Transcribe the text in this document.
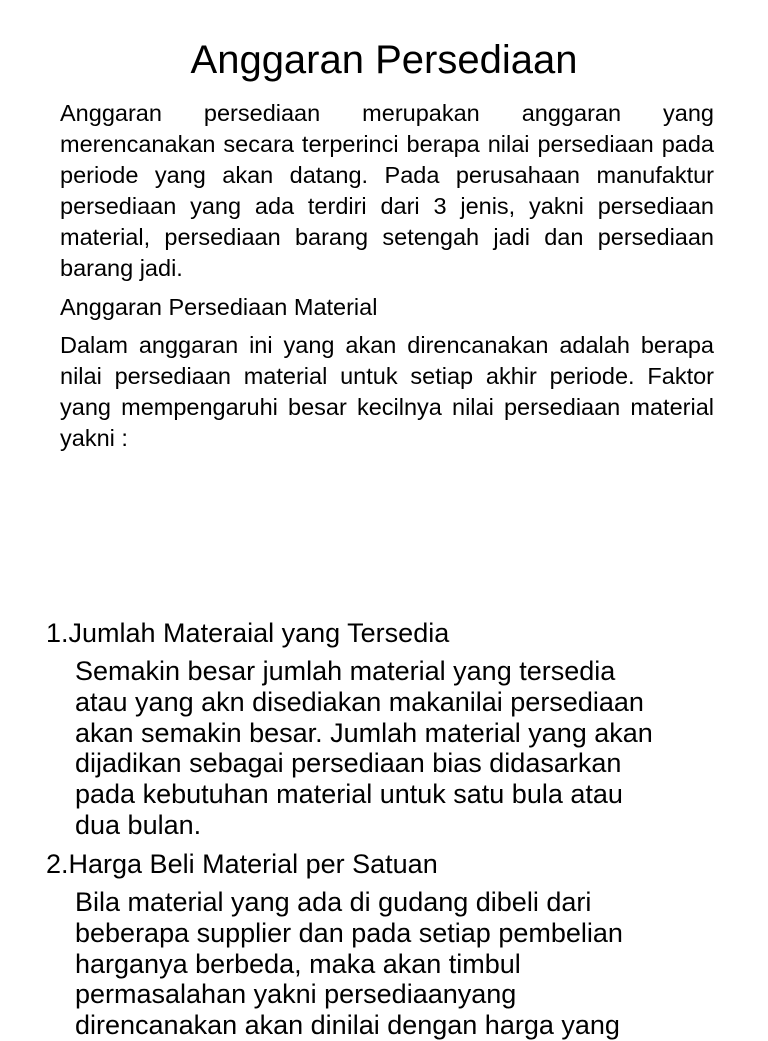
Anggaran Persediaan
Anggaran persediaan merupakan anggaran yang merencanakan secara terperinci berapa nilai persediaan pada periode yang akan datang. Pada perusahaan manufaktur persediaan yang ada terdiri dari 3 jenis, yakni persediaan material, persediaan barang setengah jadi dan persediaan barang jadi.
Anggaran Persediaan Material
Dalam anggaran ini yang akan direncanakan adalah berapa nilai persediaan material untuk setiap akhir periode. Faktor yang mempengaruhi besar kecilnya nilai persediaan material yakni :
1.Jumlah Materaial yang Tersedia
Semakin besar jumlah material yang tersedia
atau yang akn disediakan makanilai persediaan
akan semakin besar. Jumlah material yang akan
dijadikan sebagai persediaan bias didasarkan
pada kebutuhan material untuk satu bula atau
dua bulan.
2.Harga Beli Material per Satuan
Bila material yang ada di gudang dibeli dari
beberapa supplier dan pada setiap pembelian
harganya berbeda, maka akan timbul
permasalahan yakni persediaanyang
direncanakan akan dinilai dengan harga yang
